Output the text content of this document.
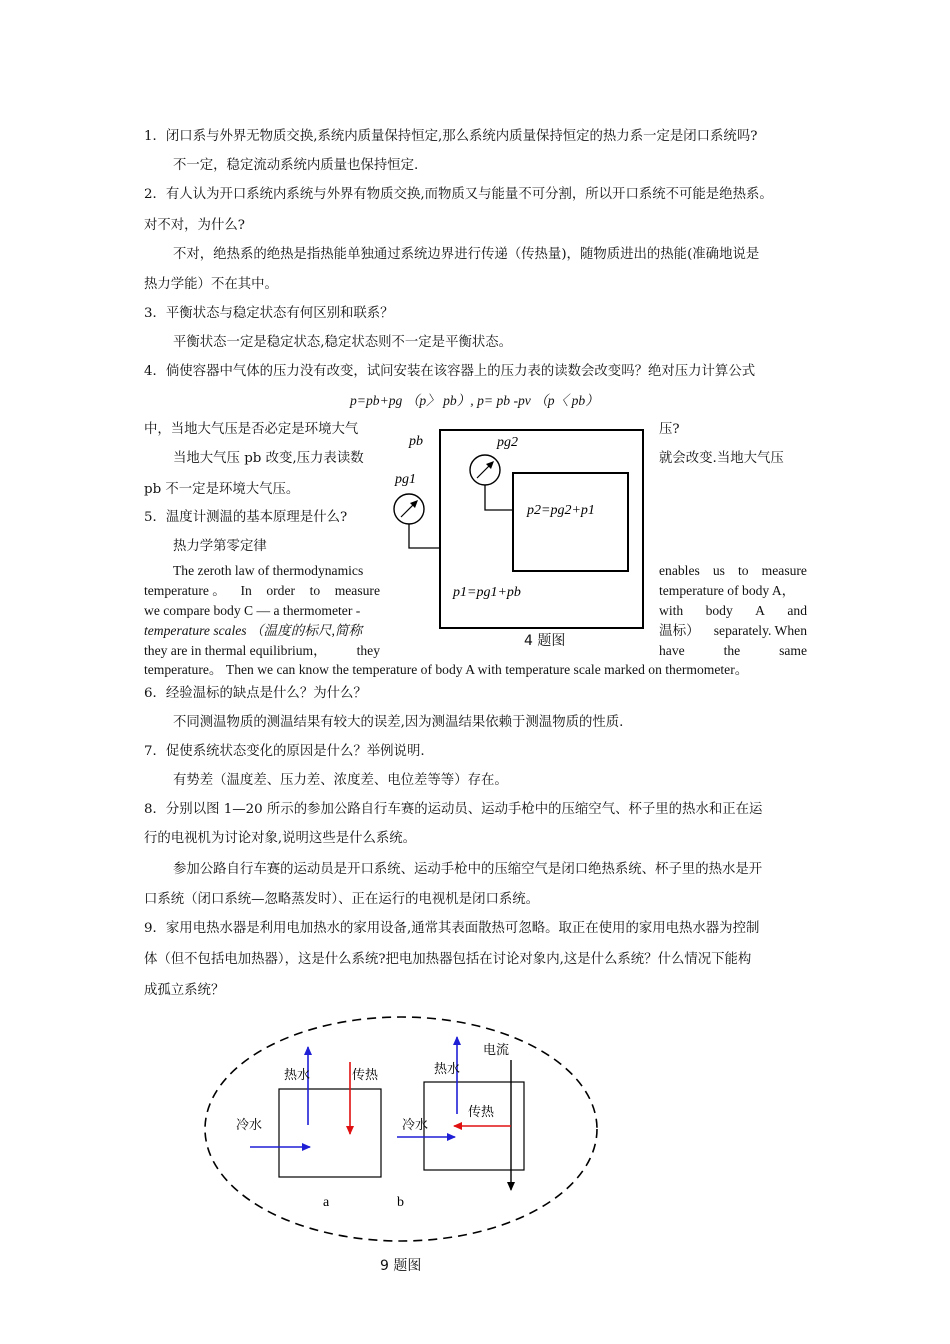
1．闭口系与外界无物质交换,系统内质量保持恒定,那么系统内质量保持恒定的热力系一定是闭口系统吗?
不一定，稳定流动系统内质量也保持恒定.
2．有人认为开口系统内系统与外界有物质交换,而物质又与能量不可分割，所以开口系统不可能是绝热系。
对不对，为什么?
不对，绝热系的绝热是指热能单独通过系统边界进行传递（传热量)，随物质进出的热能(准确地说是
热力学能）不在其中。
3．平衡状态与稳定状态有何区别和联系？
平衡状态一定是稳定状态,稳定状态则不一定是平衡状态。
4．倘使容器中气体的压力没有改变，试问安装在该容器上的压力表的读数会改变吗？绝对压力计算公式
p=pb+pg （p〉 pb）, p= pb -pv （p〈 pb）
中，当地大气压是否必定是环境大气	压?
当地大气压 pb 改变,压力表读数	就会改变.当地大气压
pb 不一定是环境大气压。
5．温度计测温的基本原理是什么?
热力学第零定律
The zeroth law of thermodynamics
temperature 。 In order to measure
we compare body C — a thermometer -
temperature scales （温度的标尺,简称
they are in thermal equilibrium， they
enables us to measure
temperature of body A，
with body A and
温标） separately. When
have	the	same
temperature。 Then we can know the temperature of body A with temperature scale marked on thermometer。
pb	pg2
pg1
p2=pg2+p1
p1=pg1+pb
4 题图
6．经验温标的缺点是什么？为什么？
不同测温物质的测温结果有较大的误差,因为测温结果依赖于测温物质的性质.
7．促使系统状态变化的原因是什么？举例说明.
有势差（温度差、压力差、浓度差、电位差等等）存在。
8．分别以图 1—20 所示的参加公路自行车赛的运动员、运动手枪中的压缩空气、杯子里的热水和正在运
行的电视机为讨论对象,说明这些是什么系统。
参加公路自行车赛的运动员是开口系统、运动手枪中的压缩空气是闭口绝热系统、杯子里的热水是开
口系统（闭口系统—忽略蒸发时）、正在运行的电视机是闭口系统。
9．家用电热水器是利用电加热水的家用设备,通常其表面散热可忽略。取正在使用的家用电热水器为控制
体（但不包括电加热器），这是什么系统?把电加热器包括在讨论对象内,这是什么系统？什么情况下能构
成孤立系统？
热水	传热
冷水
a
热水
电流
传热
冷水
b
9 题图
